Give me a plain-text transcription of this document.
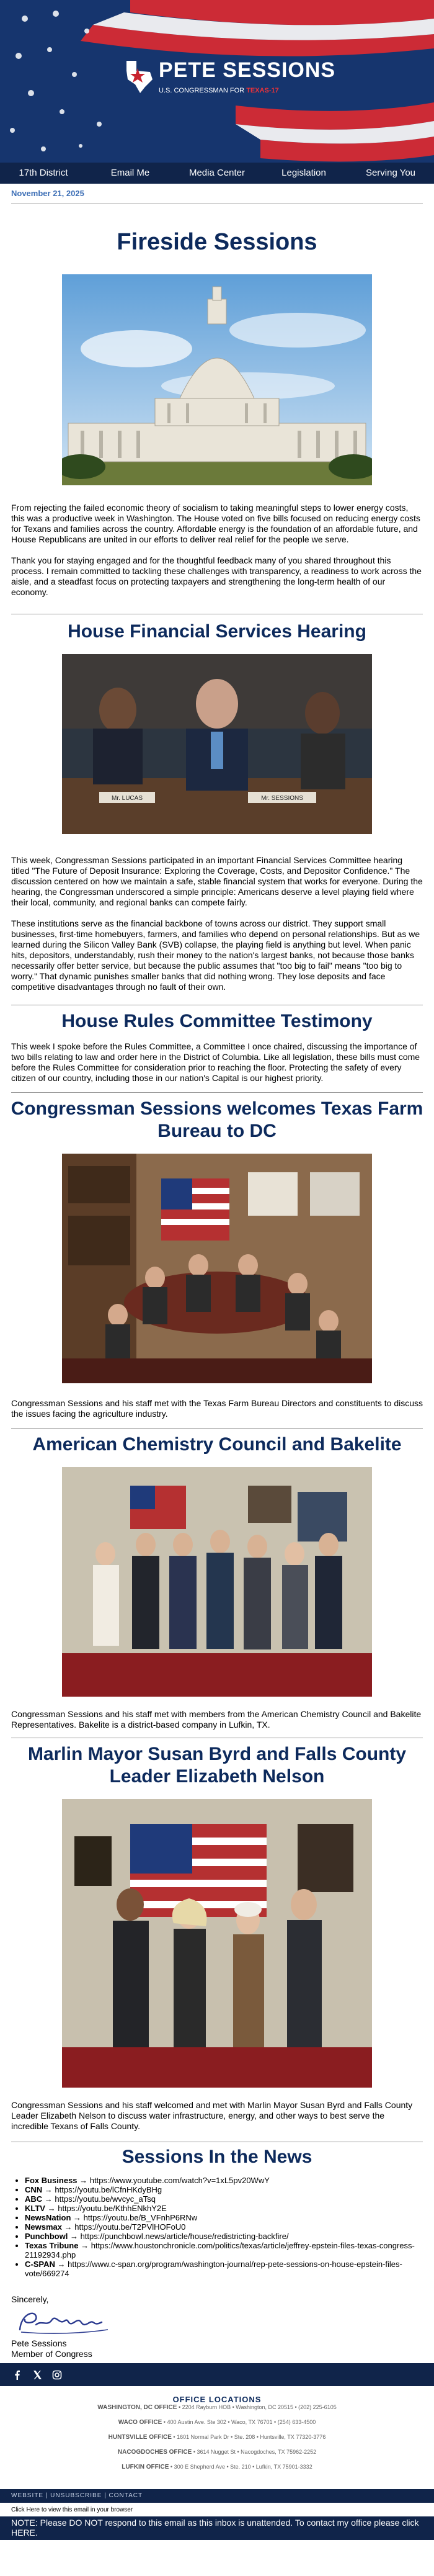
PETE SESSIONS
U.S. CONGRESSMAN FOR TEXAS-17
17th District	Email Me	Media Center	Legislation	Serving You
November 21, 2025
Fireside Sessions

From rejecting the failed economic theory of socialism to taking meaningful steps to lower energy costs, this was a productive week in Washington. The House voted on five bills focused on reducing energy costs for Texans and families across the country. Affordable energy is the foundation of an affordable future, and House Republicans are united in our efforts to deliver real relief for the people we serve.

Thank you for staying engaged and for the thoughtful feedback many of you shared throughout this process. I remain committed to tackling these challenges with transparency, a readiness to work across the aisle, and a steadfast focus on protecting taxpayers and strengthening the long-term health of our economy.

House Financial Services Hearing
Mr. LUCAS	Mr. SESSIONS

This week, Congressman Sessions participated in an important Financial Services Committee hearing titled "The Future of Deposit Insurance: Exploring the Coverage, Costs, and Depositor Confidence." The discussion centered on how we maintain a safe, stable financial system that works for everyone. During the hearing, the Congressman underscored a simple principle: Americans deserve a level playing field where their local, community, and regional banks can compete fairly.

These institutions serve as the financial backbone of towns across our district. They support small businesses, first-time homebuyers, farmers, and families who depend on personal relationships. But as we learned during the Silicon Valley Bank (SVB) collapse, the playing field is anything but level. When panic hits, depositors, understandably, rush their money to the nation's largest banks, not because those banks necessarily offer better service, but because the public assumes that "too big to fail" means "too big to worry." That dynamic punishes smaller banks that did nothing wrong. They lose deposits and face competitive disadvantages through no fault of their own.

House Rules Committee Testimony

This week I spoke before the Rules Committee, a Committee I once chaired, discussing the importance of two bills relating to law and order here in the District of Columbia. Like all legislation, these bills must come before the Rules Committee for consideration prior to reaching the floor. Protecting the safety of every citizen of our country, including those in our nation's Capital is our highest priority.

Congressman Sessions welcomes Texas Farm Bureau to DC

Congressman Sessions and his staff met with the Texas Farm Bureau Directors and constituents to discuss the issues facing the agriculture industry.

American Chemistry Council and Bakelite

Congressman Sessions and his staff met with members from the American Chemistry Council and Bakelite Representatives. Bakelite is a district-based company in Lufkin, TX.

Marlin Mayor Susan Byrd and Falls County Leader Elizabeth Nelson

Congressman Sessions and his staff welcomed and met with Marlin Mayor Susan Byrd and Falls County Leader Elizabeth Nelson to discuss water infrastructure, energy, and other ways to best serve the incredible Texans of Falls County.

Sessions In the News
• Fox Business → https://www.youtube.com/watch?v=1xL5pv20WwY
• CNN → https://youtu.be/lCfnHKdyBHg
• ABC → https://youtu.be/wvcyc_aTsq
• KLTV → https://youtu.be/KthhENkhY2E
• NewsNation → https://youtu.be/B_VFnhP6RNw
• Newsmax → https://youtu.be/T2PVlHOFoU0
• Punchbowl → https://punchbowl.news/article/house/redistricting-backfire/
• Texas Tribune → https://www.houstonchronicle.com/politics/texas/article/jeffrey-epstein-files-texas-congress-21192934.php
• C-SPAN → https://www.c-span.org/program/washington-journal/rep-pete-sessions-on-house-epstein-files-vote/669274
Sincerely,
Pete Sessions
Member of Congress
OFFICE LOCATIONS
WASHINGTON, DC OFFICE • 2204 Rayburn HOB • Washington, DC 20515 • (202) 225-6105
WACO OFFICE • 400 Austin Ave. Ste 302 • Waco, TX 76701 • (254) 633-4500
HUNTSVILLE OFFICE • 1601 Normal Park Dr • Ste. 208 • Huntsville, TX 77320-3776
NACOGDOCHES OFFICE • 3614 Nugget St • Nacogdoches, TX 75962-2252
LUFKIN OFFICE • 300 E Shepherd Ave • Ste. 210 • Lufkin, TX 75901-3332
WEBSITE | UNSUBSCRIBE | CONTACT
Click Here to view this email in your browser
NOTE: Please DO NOT respond to this email as this inbox is unattended. To contact my office please click HERE.
